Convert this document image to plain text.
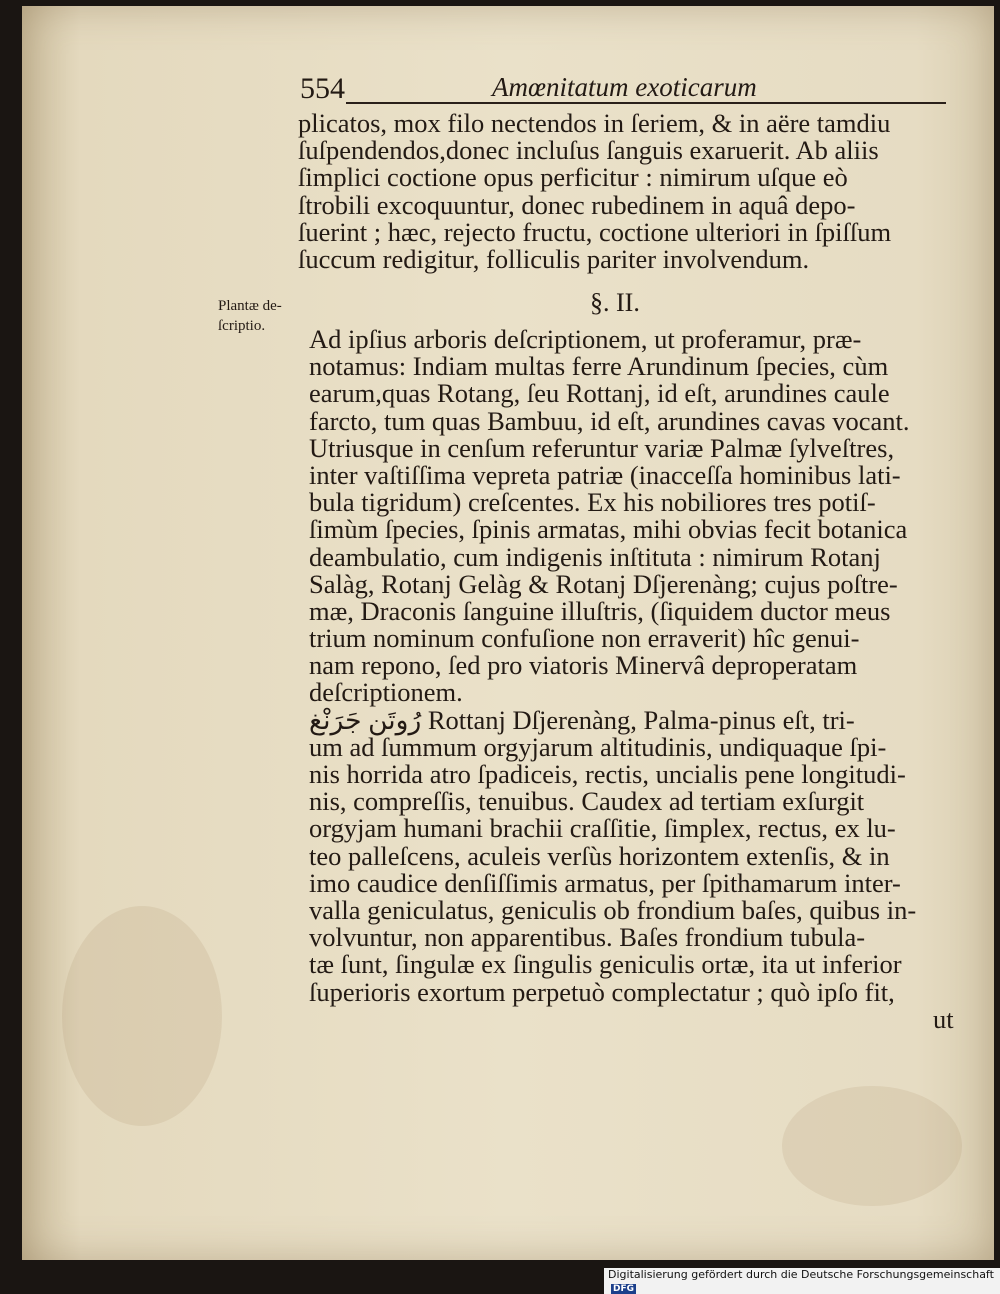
554	Amœnitatum exoticarum
plicatos, mox filo nectendos in ſeriem, & in aëre tamdiu
ſuſpendendos,donec incluſus ſanguis exaruerit. Ab aliis
ſimplici coctione opus perficitur : nimirum uſque eò
ſtrobili excoquuntur, donec rubedinem in aquâ depo-
ſuerint ; hæc, rejecto fructu, coctione ulteriori in ſpiſſum
ſuccum redigitur, folliculis pariter involvendum.
Plantæ de-
ſcriptio.
§. II.
Ad ipſius arboris deſcriptionem, ut proferamur, præ-
notamus: Indiam multas ferre Arundinum ſpecies, cùm
earum,quas Rotang, ſeu Rottanj, id eſt, arundines caule
farcto, tum quas Bambuu, id eſt, arundines cavas vocant.
Utriusque in cenſum referuntur variæ Palmæ ſylveſtres,
inter vaſtiſſima vepreta patriæ (inacceſſa hominibus lati-
bula tigridum) creſcentes. Ex his nobiliores tres potiſ-
ſimùm ſpecies, ſpinis armatas, mihi obvias fecit botanica
deambulatio, cum indigenis inſtituta : nimirum Rotanj
Salàg, Rotanj Gelàg & Rotanj Dſjerenàng; cujus poſtre-
mæ, Draconis ſanguine illuſtris, (ſiquidem ductor meus
trium nominum confuſione non erraverit) hîc genui-
nam repono, ſed pro viatoris Minervâ deproperatam
deſcriptionem.
رُوتَن جَرَنْغ Rottanj Dſjerenàng, Palma-pinus eſt, tri-
um ad ſummum orgyjarum altitudinis, undiquaque ſpi-
nis horrida atro ſpadiceis, rectis, uncialis pene longitudi-
nis, compreſſis, tenuibus. Caudex ad tertiam exſurgit
orgyjam humani brachii craſſitie, ſimplex, rectus, ex lu-
teo palleſcens, aculeis verſùs horizontem extenſis, & in
imo caudice denſiſſimis armatus, per ſpithamarum inter-
valla geniculatus, geniculis ob frondium baſes, quibus in-
volvuntur, non apparentibus. Baſes frondium tubula-
tæ ſunt, ſingulæ ex ſingulis geniculis ortæ, ita ut inferior
ſuperioris exortum perpetuò complectatur ; quò ipſo fit,
ut
Digitalisierung gefördert durch die Deutsche Forschungsgemeinschaft DFG
